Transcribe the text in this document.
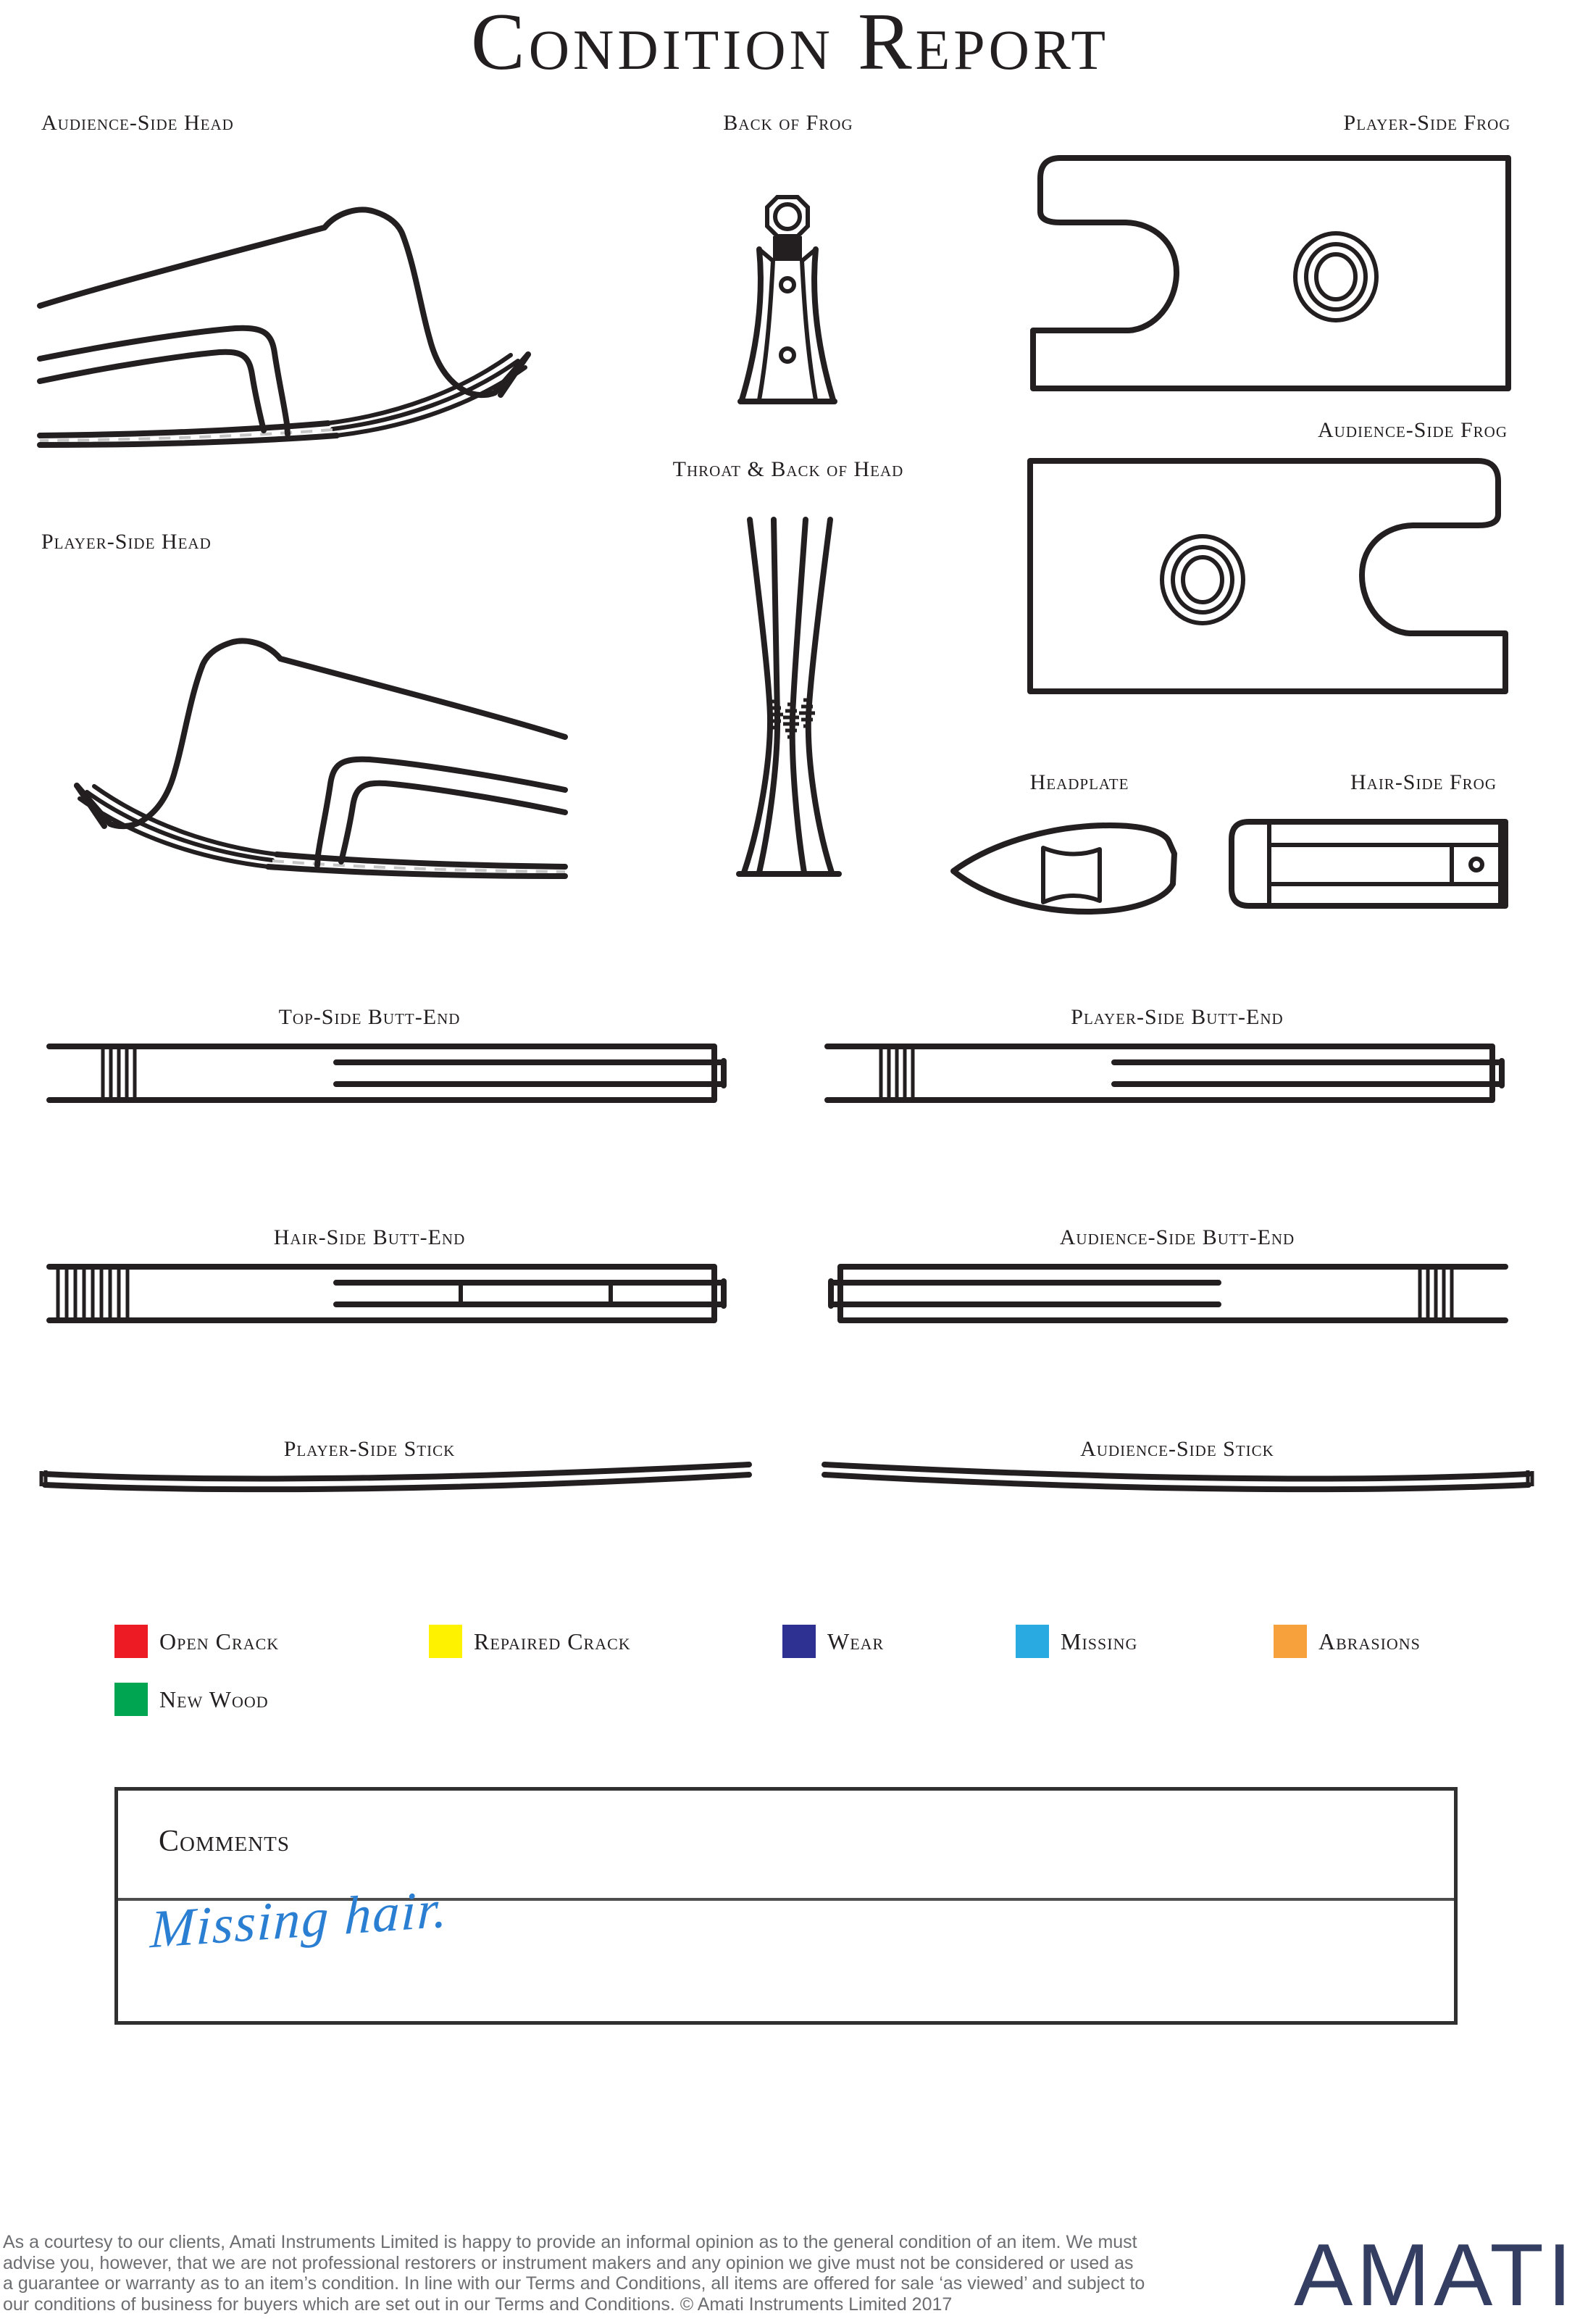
Condition Report
Audience-Side Head	Back of Frog	Player-Side Frog
Audience-Side Frog
Throat & Back of Head
Player-Side Head
Headplate	Hair-Side Frog
Top-Side Butt-End	Player-Side Butt-End
Hair-Side Butt-End	Audience-Side Butt-End
Player-Side Stick	Audience-Side Stick
Open Crack	Repaired Crack	Wear	Missing	Abrasions
New Wood
Comments
Missing hair.
As a courtesy to our clients, Amati Instruments Limited is happy to provide an informal opinion as to the general condition of an item. We must
advise you, however, that we are not professional restorers or instrument makers and any opinion we give must not be considered or used as
a guarantee or warranty as to an item’s condition. In line with our Terms and Conditions, all items are offered for sale ‘as viewed’ and subject to
our conditions of business for buyers which are set out in our Terms and Conditions. © Amati Instruments Limited 2017	AMATI
